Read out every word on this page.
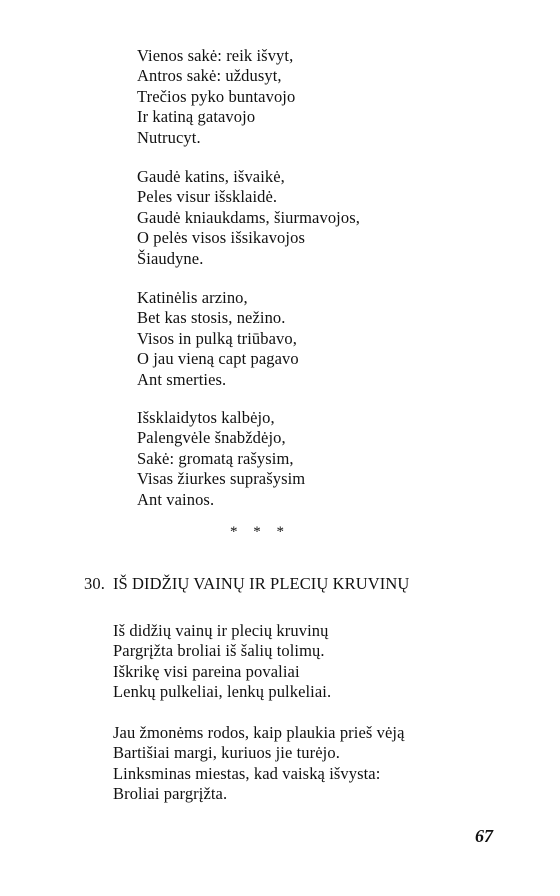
Vienos sakė: reik išvyt,
Antros sakė: uždusyt,
Trečios pyko buntavojo
Ir katiną gatavojo
Nutrucyt.
Gaudė katins, išvaikė,
Peles visur išsklaidė.
Gaudė kniaukdams, šiurmavojos,
O pelės visos išsikavojos
Šiaudyne.
Katinėlis arzino,
Bet kas stosis, nežino.
Visos in pulką triūbavo,
O jau vieną capt pagavo
Ant smerties.
Išsklaidytos kalbėjo,
Palengvėle šnabždėjo,
Sakė: gromatą rašysim,
Visas žiurkes suprašysim
Ant vainos.
* * *
30. IŠ DIDŽIŲ VAINŲ IR PLECIŲ KRUVINŲ
Iš didžių vainų ir plecių kruvinų
Pargrįžta broliai iš šalių tolimų.
Iškrikę visi pareina povaliai
Lenkų pulkeliai, lenkų pulkeliai.
Jau žmonėms rodos, kaip plaukia prieš vėją
Bartišiai margi, kuriuos jie turėjo.
Linksminas miestas, kad vaiską išvysta:
Broliai pargrįžta.
67
